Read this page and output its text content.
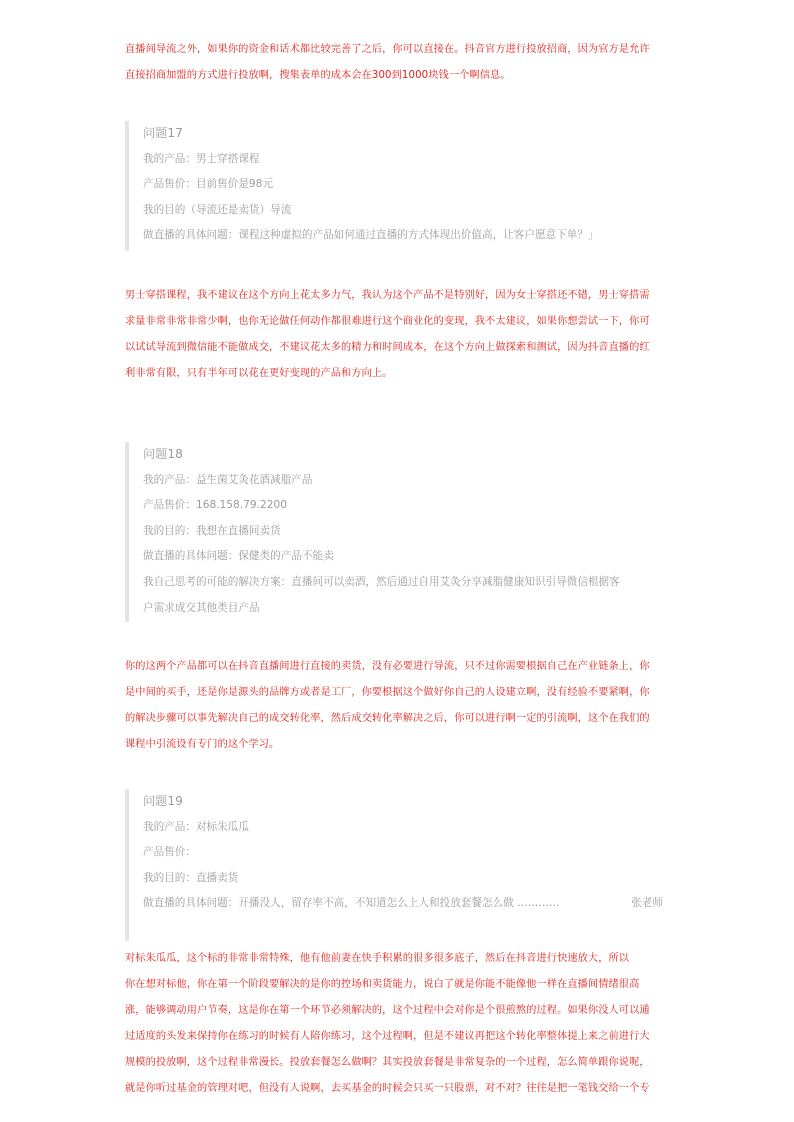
直播间导流之外，如果你的资金和话术都比较完善了之后，你可以直接在。抖音官方进行投放招商，因为官方是允许

直接招商加盟的方式进行投放啊，搜集表单的成本会在300到1000块钱一个啊信息。

问题17
我的产品：男士穿搭课程
产品售价：目前售价是98元
我的目的（导流还是卖货）导流
做直播的具体问题：课程这种虚拟的产品如何通过直播的方式体现出价值高，让客户愿意下单？」

男士穿搭课程，我不建议在这个方向上花太多力气，我认为这个产品不是特别好，因为女士穿搭还不错，男士穿搭需

求量非常非常非常少啊，也你无论做任何动作都很难进行这个商业化的变现，我不太建议，如果你想尝试一下，你可

以试试导流到微信能不能做成交，不建议花太多的精力和时间成本，在这个方向上做探索和测试，因为抖音直播的红

利非常有限，只有半年可以花在更好变现的产品和方向上。

问题18
我的产品：益生菌艾灸花酒减脂产品
产品售价：168.158.79.2200
我的目的：我想在直播间卖货
做直播的具体问题：保健类的产品不能卖
我自己思考的可能的解决方案：直播间可以卖酒，然后通过自用艾灸分享减脂健康知识引导微信根据客
户需求成交其他类目产品

你的这两个产品都可以在抖音直播间进行直接的卖货，没有必要进行导流，只不过你需要根据自己在产业链条上，你

是中间的买手，还是你是源头的品牌方或者是工厂，你要根据这个做好你自己的人设建立啊，没有经验不要紧啊，你

的解决步骤可以事先解决自己的成交转化率，然后成交转化率解决之后，你可以进行啊一定的引流啊，这个在我们的

课程中引流设有专门的这个学习。

问题19
我的产品：对标朱瓜瓜
产品售价：
我的目的：直播卖货
做直播的具体问题：开播没人，留存率不高，不知道怎么上人和投放套餐怎么做 …………	张老师

对标朱瓜瓜，这个标的非常非常特殊，他有他前妻在快手积累的很多很多底子，然后在抖音进行快速放大，所以

你在想对标他，你在第一个阶段要解决的是你的控场和卖货能力，说白了就是你能不能像他一样在直播间情绪很高

涨，能够调动用户节奏，这是你在第一个环节必须解决的，这个过程中会对你是个很煎熬的过程。如果你没人可以通

过适度的头发来保持你在练习的时候有人陪你练习，这个过程啊，但是不建议再把这个转化率整体提上来之前进行大

规模的投放啊，这个过程非常漫长。投放套餐怎么做啊？其实投放套餐是非常复杂的一个过程，怎么简单跟你说呢，

就是你听过基金的管理对吧，但没有人说啊，去买基金的时候会只买一只股票，对不对？往往是把一笔钱交给一个专
